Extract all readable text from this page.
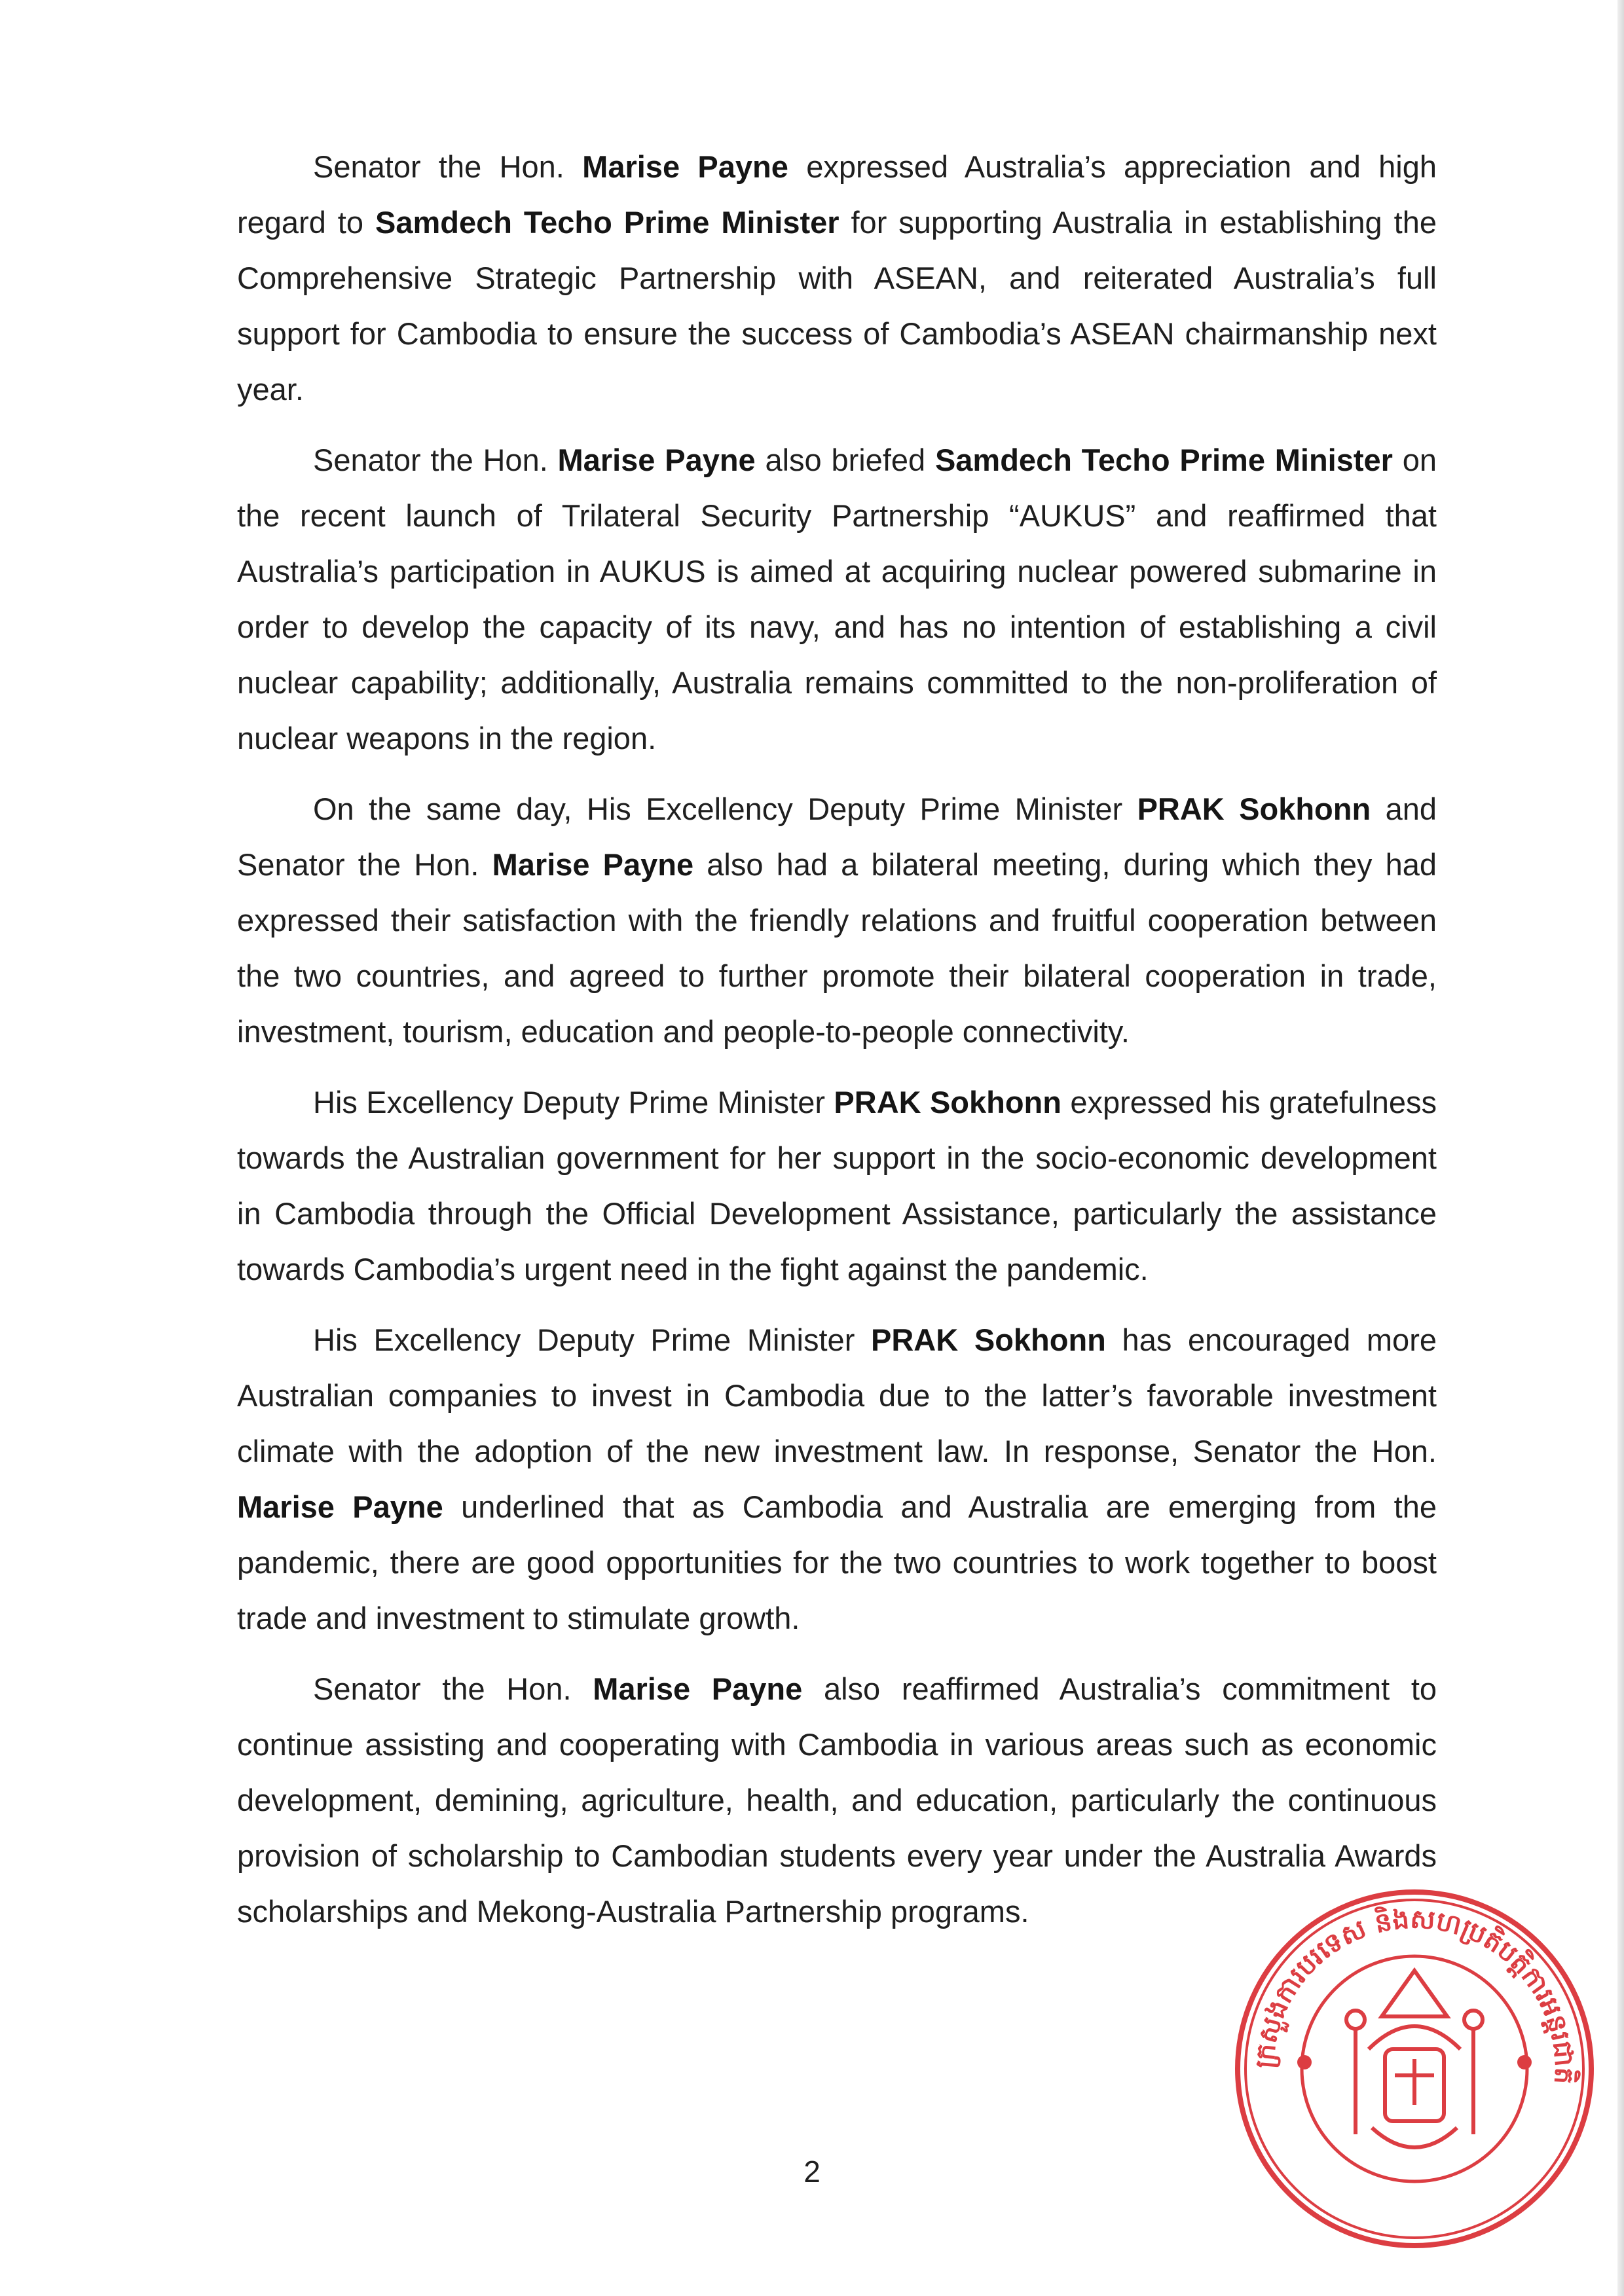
Senator the Hon. Marise Payne expressed Australia’s appreciation and high regard to Samdech Techo Prime Minister for supporting Australia in establishing the Comprehensive Strategic Partnership with ASEAN, and reiterated Australia’s full support for Cambodia to ensure the success of Cambodia’s ASEAN chairmanship next year.

Senator the Hon. Marise Payne also briefed Samdech Techo Prime Minister on the recent launch of Trilateral Security Partnership “AUKUS” and reaffirmed that Australia’s participation in AUKUS is aimed at acquiring nuclear powered submarine in order to develop the capacity of its navy, and has no intention of establishing a civil nuclear capability; additionally, Australia remains committed to the non-proliferation of nuclear weapons in the region.

On the same day, His Excellency Deputy Prime Minister PRAK Sokhonn and Senator the Hon. Marise Payne also had a bilateral meeting, during which they had expressed their satisfaction with the friendly relations and fruitful cooperation between the two countries, and agreed to further promote their bilateral cooperation in trade, investment, tourism, education and people-to-people connectivity.

His Excellency Deputy Prime Minister PRAK Sokhonn expressed his gratefulness towards the Australian government for her support in the socio-economic development in Cambodia through the Official Development Assistance, particularly the assistance towards Cambodia’s urgent need in the fight against the pandemic.

His Excellency Deputy Prime Minister PRAK Sokhonn has encouraged more Australian companies to invest in Cambodia due to the latter’s favorable investment climate with the adoption of the new investment law. In response, Senator the Hon. Marise Payne underlined that as Cambodia and Australia are emerging from the pandemic, there are good opportunities for the two countries to work together to boost trade and investment to stimulate growth.

Senator the Hon. Marise Payne also reaffirmed Australia’s commitment to continue assisting and cooperating with Cambodia in various areas such as economic development, demining, agriculture, health, and education, particularly the continuous provision of scholarship to Cambodian students every year under the Australia Awards scholarships and Mekong-Australia Partnership programs.

2
ក្រសួងការបរទេស និងសហប្រតិបត្តិការអន្តរជាតិ
